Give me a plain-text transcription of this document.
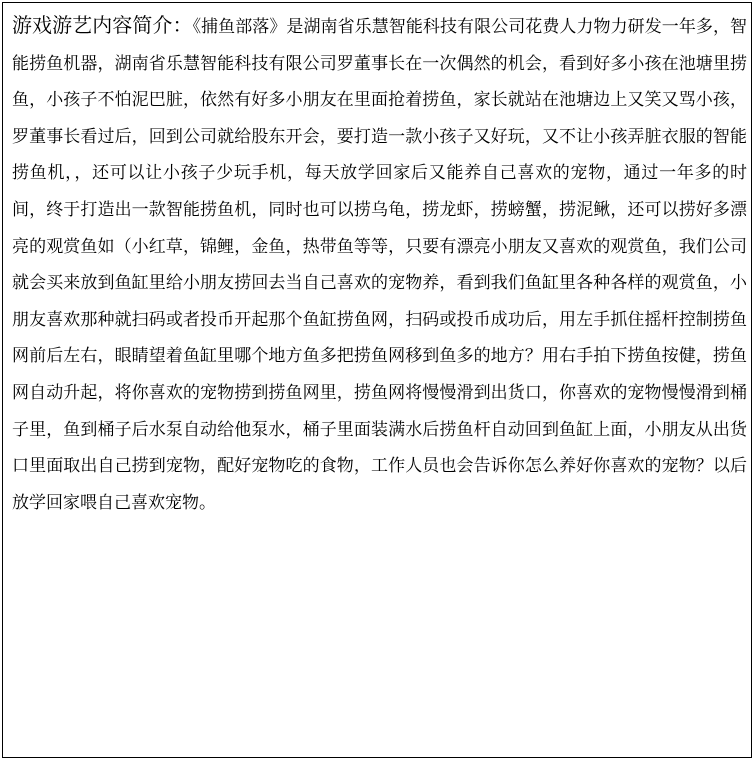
游戏游艺内容简介：《捕鱼部落》是湖南省乐慧智能科技有限公司花费人力物力研发一年多，智能捞鱼机器，湖南省乐慧智能科技有限公司罗董事长在一次偶然的机会，看到好多小孩在池塘里捞鱼，小孩子不怕泥巴脏，依然有好多小朋友在里面抢着捞鱼，家长就站在池塘边上又笑又骂小孩，罗董事长看过后，回到公司就给股东开会，要打造一款小孩子又好玩，又不让小孩弄脏衣服的智能捞鱼机，，还可以让小孩子少玩手机，每天放学回家后又能养自己喜欢的宠物，通过一年多的时间，终于打造出一款智能捞鱼机，同时也可以捞乌龟，捞龙虾，捞螃蟹，捞泥鳅，还可以捞好多漂亮的观赏鱼如（小红草，锦鲤，金鱼，热带鱼等等，只要有漂亮小朋友又喜欢的观赏鱼，我们公司就会买来放到鱼缸里给小朋友捞回去当自己喜欢的宠物养，看到我们鱼缸里各种各样的观赏鱼，小朋友喜欢那种就扫码或者投币开起那个鱼缸捞鱼网，扫码或投币成功后，用左手抓住摇杆控制捞鱼网前后左右，眼睛望着鱼缸里哪个地方鱼多把捞鱼网移到鱼多的地方？用右手拍下捞鱼按健，捞鱼网自动升起，将你喜欢的宠物捞到捞鱼网里，捞鱼网将慢慢滑到出货口，你喜欢的宠物慢慢滑到桶子里，鱼到桶子后水泵自动给他泵水，桶子里面装满水后捞鱼杆自动回到鱼缸上面，小朋友从出货口里面取出自己捞到宠物，配好宠物吃的食物，工作人员也会告诉你怎么养好你喜欢的宠物？以后放学回家喂自己喜欢宠物。
